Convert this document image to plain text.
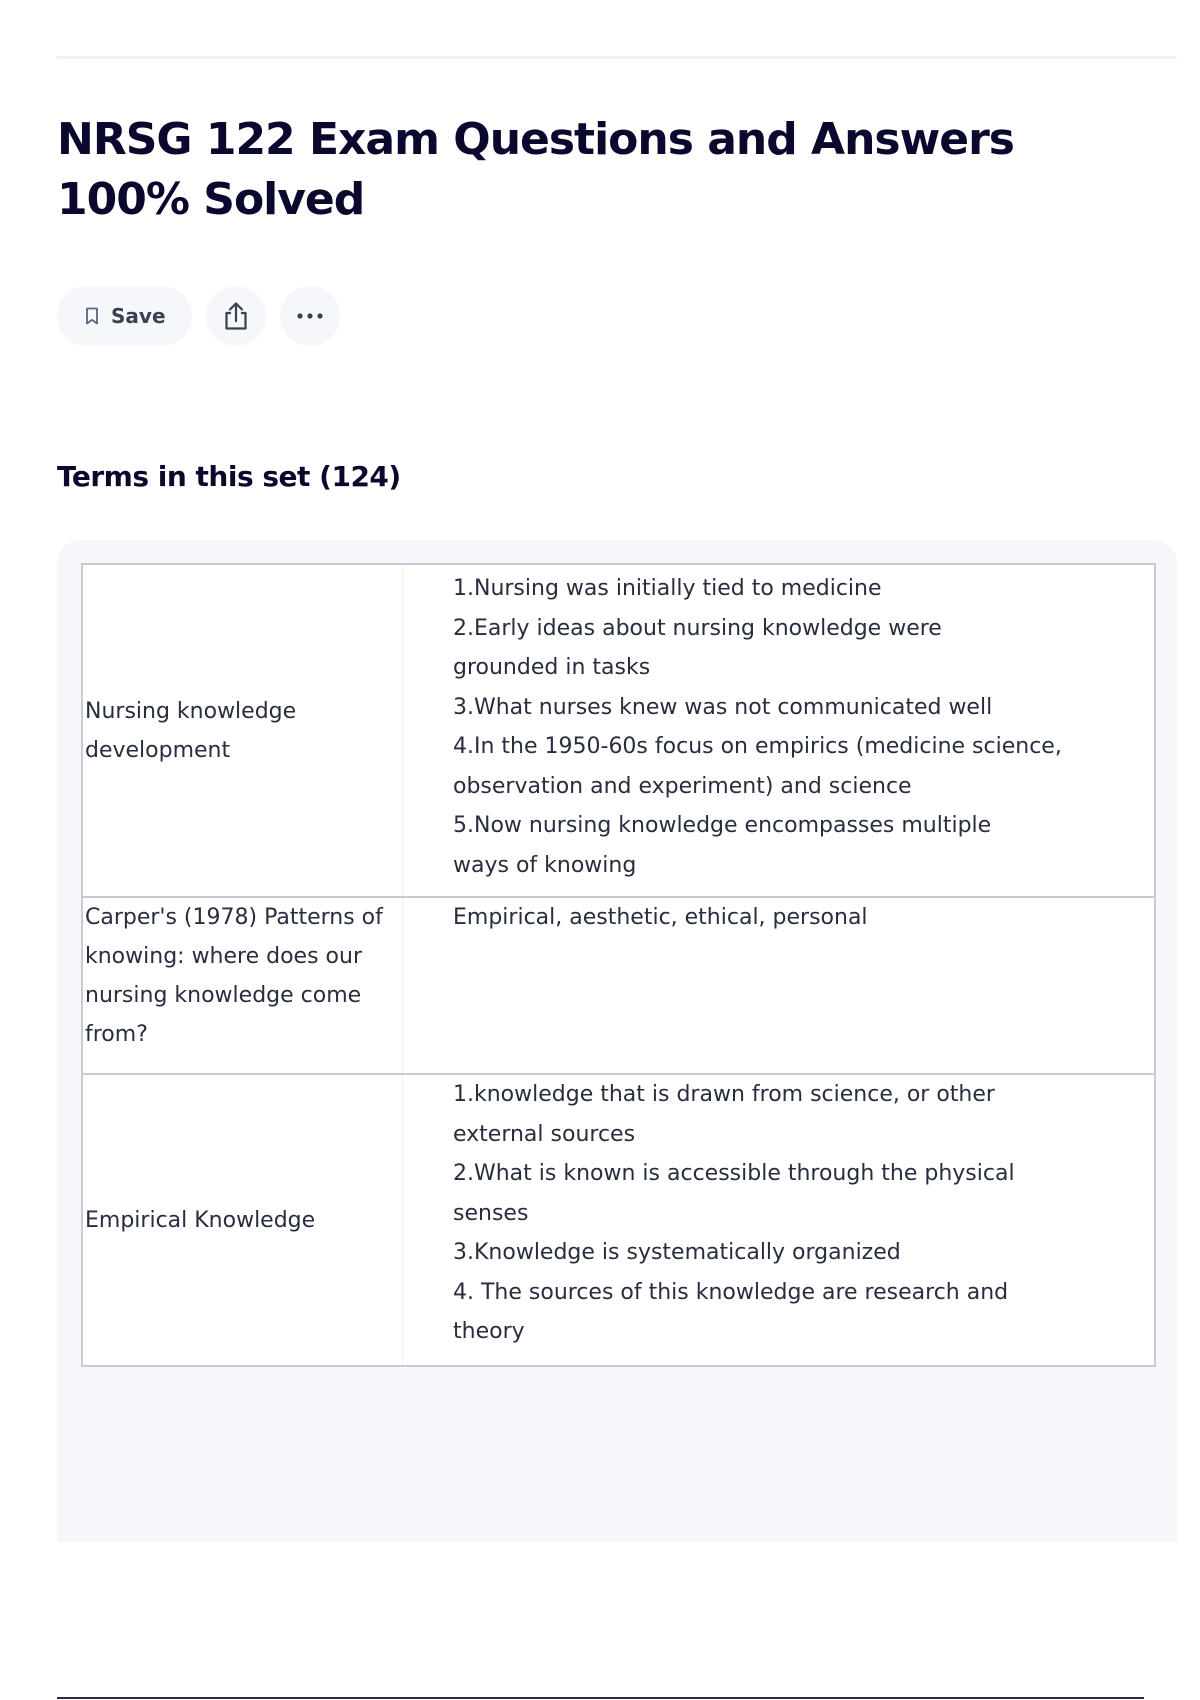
NRSG 122 Exam Questions and Answers 100% Solved
Save
Terms in this set (124)

Nursing knowledge development

1.Nursing was initially tied to medicine
2.Early ideas about nursing knowledge were
grounded in tasks
3.What nurses knew was not communicated well
4.In the 1950-60s focus on empirics (medicine science,
observation and experiment) and science
5.Now nursing knowledge encompasses multiple
ways of knowing

Carper's (1978) Patterns of knowing: where does our nursing knowledge come from?

Empirical, aesthetic, ethical, personal

Empirical Knowledge

1.knowledge that is drawn from science, or other
external sources
2.What is known is accessible through the physical
senses
3.Knowledge is systematically organized
4. The sources of this knowledge are research and
theory
